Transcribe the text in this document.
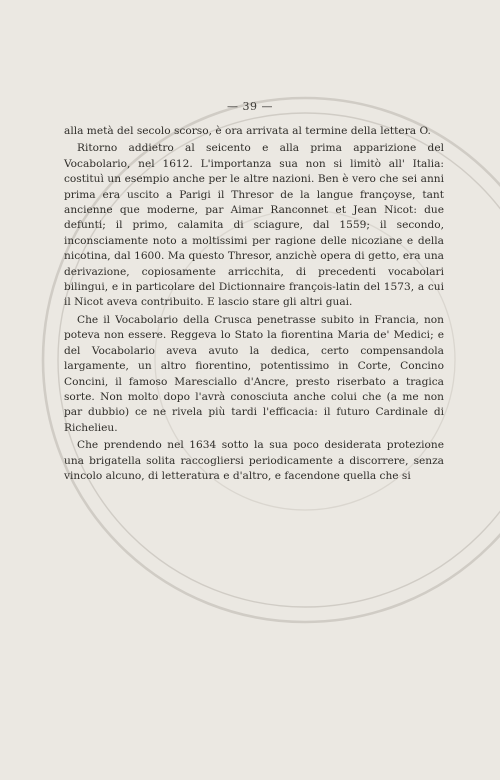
— 39 —

alla metà del secolo scorso, è ora arrivata al termine della lettera O.

Ritorno addietro al seicento e alla prima apparizione del Vocabolario, nel 1612. L'importanza sua non si limitò all' Italia: costituì un esempio anche per le altre nazioni. Ben è vero che sei anni prima era uscito a Parigi il Thresor de la langue françoyse, tant ancienne que moderne, par Aimar Ranconnet et Jean Nicot: due defunti; il primo, calamita di sciagure, dal 1559; il secondo, inconsciamente noto a moltissimi per ragione delle nicoziane e della nicotina, dal 1600. Ma questo Thresor, anzichè opera di getto, era una derivazione, copiosamente arricchita, di precedenti vocabolari bilingui, e in particolare del Dictionnaire françois-latin del 1573, a cui il Nicot aveva contribuito. E lascio stare gli altri guai.

Che il Vocabolario della Crusca penetrasse subito in Francia, non poteva non essere. Reggeva lo Stato la fiorentina Maria de' Medici; e del Vocabolario aveva avuto la dedica, certo compensandola largamente, un altro fiorentino, potentissimo in Corte, Concino Concini, il famoso Maresciallo d'Ancre, presto riserbato a tragica sorte. Non molto dopo l'avrà conosciuta anche colui che (a me non par dubbio) ce ne rivela più tardi l'efficacia: il futuro Cardinale di Richelieu.

Che prendendo nel 1634 sotto la sua poco desiderata protezione una brigatella solita raccogliersi periodicamente a discorrere, senza vincolo alcuno, di letteratura e d'altro, e facendone quella che si
